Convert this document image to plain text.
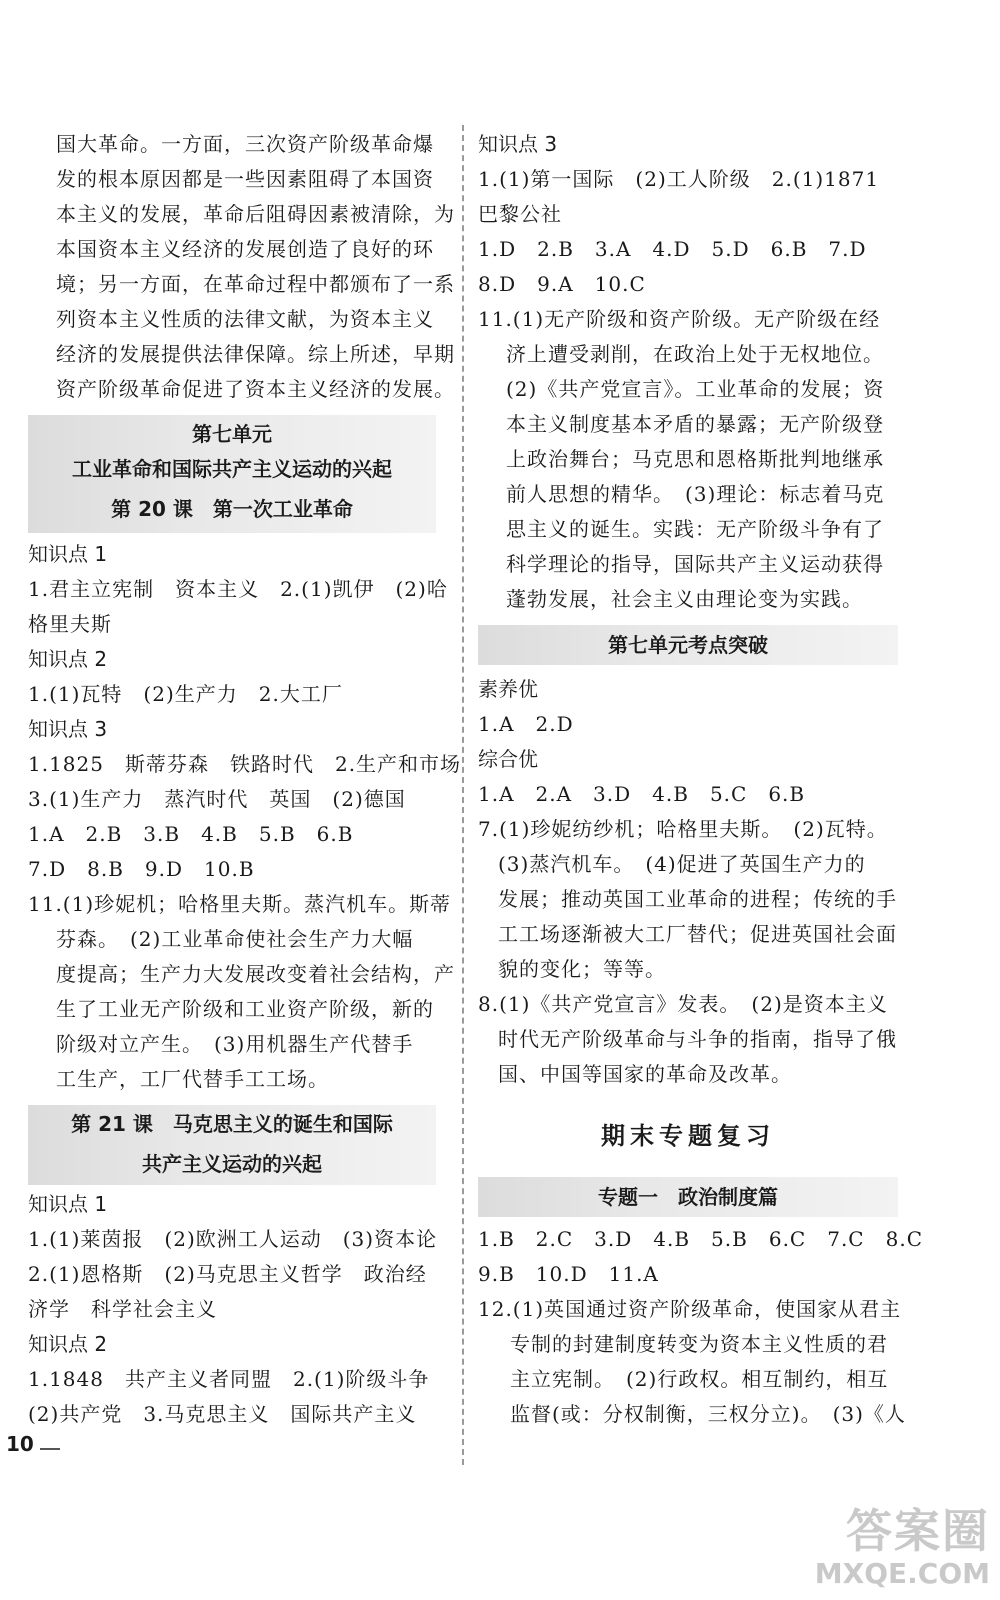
国大革命。一方面，三次资产阶级革命爆
发的根本原因都是一些因素阻碍了本国资
本主义的发展，革命后阻碍因素被清除，为
本国资本主义经济的发展创造了良好的环
境；另一方面，在革命过程中都颁布了一系
列资本主义性质的法律文献，为资本主义
经济的发展提供法律保障。综上所述，早期
资产阶级革命促进了资本主义经济的发展。
第七单元
工业革命和国际共产主义运动的兴起
第 20 课　第一次工业革命
知识点 1
1.君主立宪制　资本主义　2.(1)凯伊　(2)哈
格里夫斯
知识点 2
1.(1)瓦特　(2)生产力　2.大工厂
知识点 3
1.1825　斯蒂芬森　铁路时代　2.生产和市场
3.(1)生产力　蒸汽时代　英国　(2)德国
1.A　2.B　3.B　4.B　5.B　6.B
7.D　8.B　9.D　10.B
11.(1)珍妮机；哈格里夫斯。蒸汽机车。斯蒂
芬森。　(2)工业革命使社会生产力大幅
度提高；生产力大发展改变着社会结构，产
生了工业无产阶级和工业资产阶级，新的
阶级对立产生。　(3)用机器生产代替手
工生产，工厂代替手工工场。
第 21 课　马克思主义的诞生和国际
共产主义运动的兴起
知识点 1
1.(1)莱茵报　(2)欧洲工人运动　(3)资本论
2.(1)恩格斯　(2)马克思主义哲学　政治经
济学　科学社会主义
知识点 2
1.1848　共产主义者同盟　2.(1)阶级斗争
(2)共产党　3.马克思主义　国际共产主义
知识点 3
1.(1)第一国际　(2)工人阶级　2.(1)1871
巴黎公社
1.D　2.B　3.A　4.D　5.D　6.B　7.D
8.D　9.A　10.C
11.(1)无产阶级和资产阶级。无产阶级在经
济上遭受剥削，在政治上处于无权地位。
(2)《共产党宣言》。工业革命的发展；资
本主义制度基本矛盾的暴露；无产阶级登
上政治舞台；马克思和恩格斯批判地继承
前人思想的精华。　(3)理论：标志着马克
思主义的诞生。实践：无产阶级斗争有了
科学理论的指导，国际共产主义运动获得
蓬勃发展，社会主义由理论变为实践。
第七单元考点突破
素养优
1.A　2.D
综合优
1.A　2.A　3.D　4.B　5.C　6.B
7.(1)珍妮纺纱机；哈格里夫斯。　(2)瓦特。
(3)蒸汽机车。　(4)促进了英国生产力的
发展；推动英国工业革命的进程；传统的手
工工场逐渐被大工厂替代；促进英国社会面
貌的变化；等等。
8.(1)《共产党宣言》发表。　(2)是资本主义
时代无产阶级革命与斗争的指南，指导了俄
国、中国等国家的革命及改革。
期末专题复习
专题一　政治制度篇
1.B　2.C　3.D　4.B　5.B　6.C　7.C　8.C
9.B　10.D　11.A
12.(1)英国通过资产阶级革命，使国家从君主
专制的封建制度转变为资本主义性质的君
主立宪制。　(2)行政权。相互制约，相互
监督(或：分权制衡，三权分立)。　(3)《人
10
答案圈
MXQE.COM
